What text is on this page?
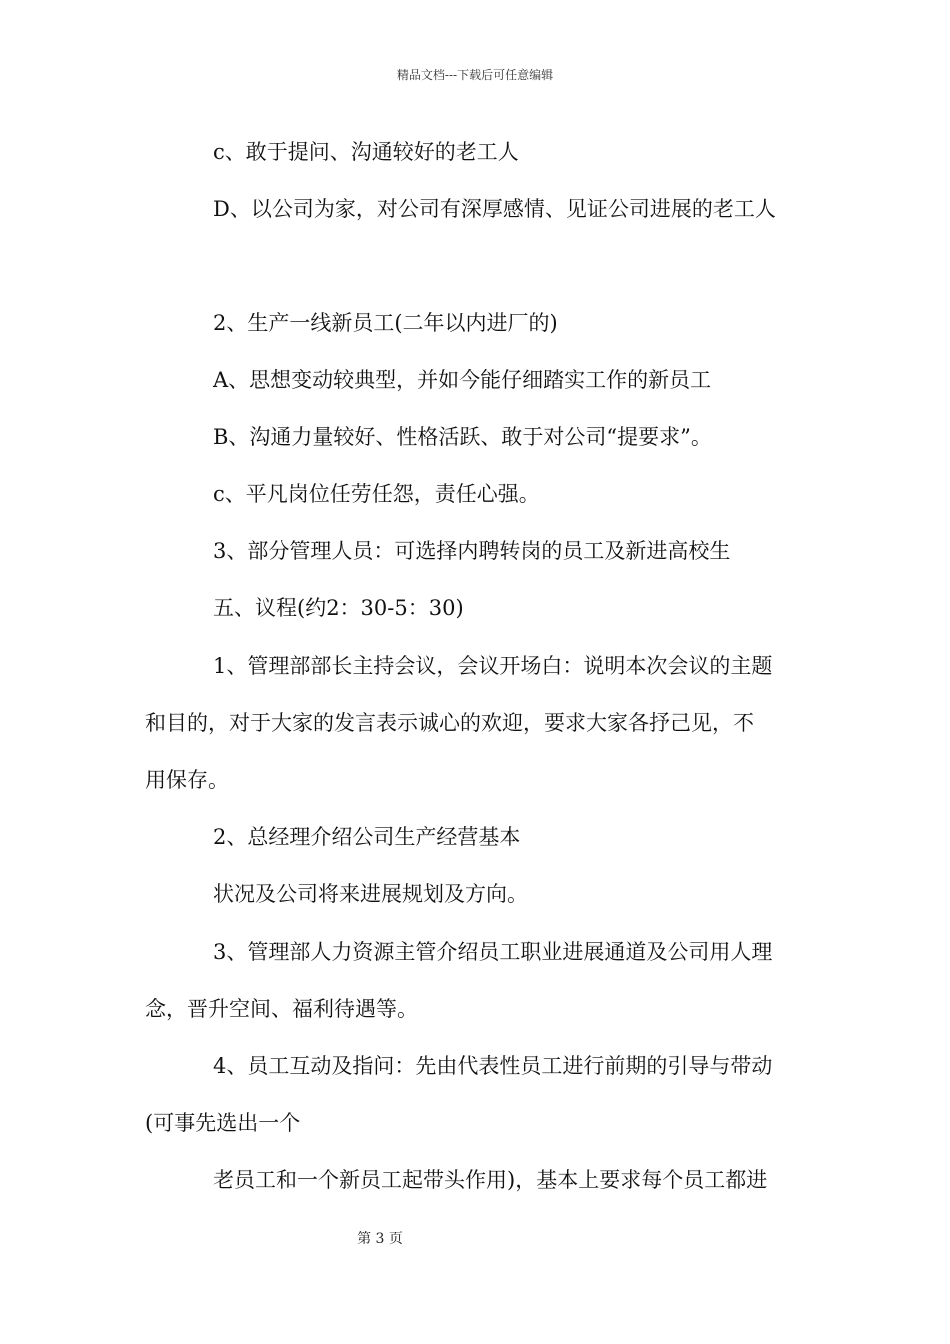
精品文档---下载后可任意编辑
c、敢于提问、沟通较好的老工人
D、以公司为家，对公司有深厚感情、见证公司进展的老工人
2、生产一线新员工(二年以内进厂的)
A、思想变动较典型，并如今能仔细踏实工作的新员工
B、沟通力量较好、性格活跃、敢于对公司“提要求”。
c、平凡岗位任劳任怨，责任心强。
3、部分管理人员：可选择内聘转岗的员工及新进高校生
五、议程(约2：30-5：30)
1、管理部部长主持会议，会议开场白：说明本次会议的主题
和目的，对于大家的发言表示诚心的欢迎，要求大家各抒己见，不
用保存。
2、总经理介绍公司生产经营基本
状况及公司将来进展规划及方向。
3、管理部人力资源主管介绍员工职业进展通道及公司用人理
念，晋升空间、福利待遇等。
4、员工互动及指问：先由代表性员工进行前期的引导与带动
(可事先选出一个
老员工和一个新员工起带头作用)，基本上要求每个员工都进
第 3 页
